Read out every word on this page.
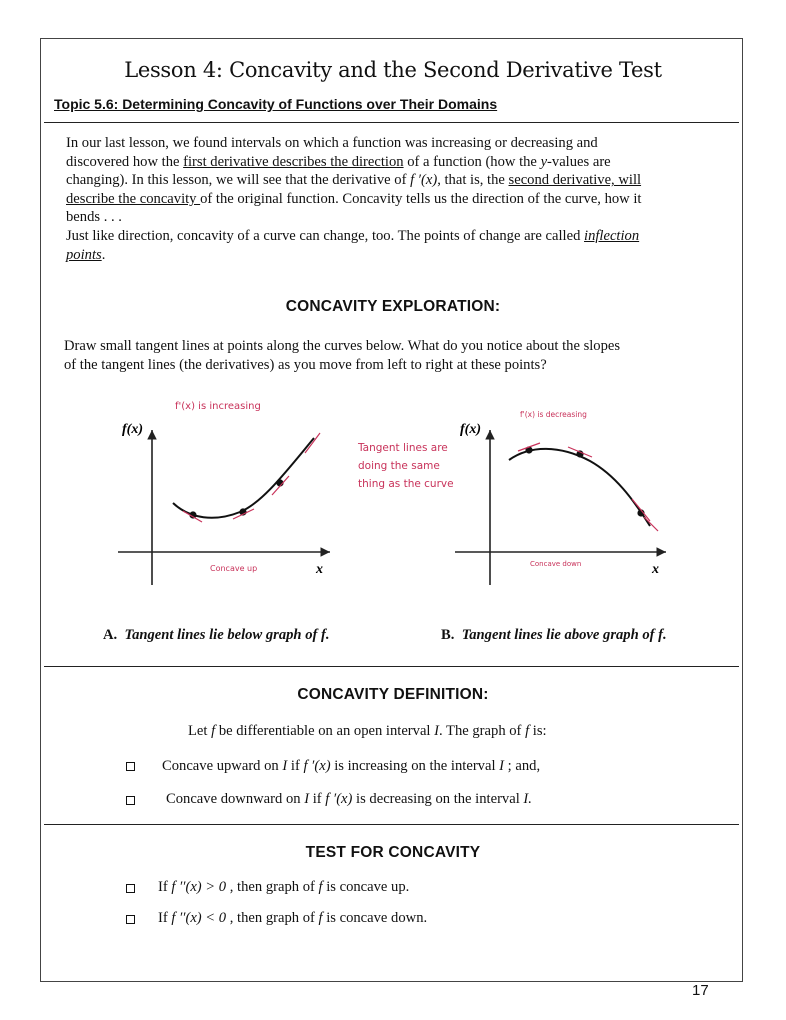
Lesson 4: Concavity and the Second Derivative Test
Topic 5.6: Determining Concavity of Functions over Their Domains
In our last lesson, we found intervals on which a function was increasing or decreasing and
discovered how the first derivative describes the direction of a function (how the y-values are
changing). In this lesson, we will see that the derivative of f ′(x), that is, the second derivative, will
describe the concavity of the original function. Concavity tells us the direction of the curve, how it
bends . . .
Just like direction, concavity of a curve can change, too. The points of change are called inflection
points.
CONCAVITY EXPLORATION:
Draw small tangent lines at points along the curves below. What do you notice about the slopes
of the tangent lines (the derivatives) as you move from left to right at these points?
f(x)
x
f'(x) is increasing
Concave up
Tangent lines are
doing the same
thing as the curve
f(x)
x
f'(x) is decreasing
Concave down
A. Tangent lines lie below graph of f.	B. Tangent lines lie above graph of f.
CONCAVITY DEFINITION:
Let f be differentiable on an open interval I. The graph of f is:
Concave upward on I if f ′(x) is increasing on the interval I ; and,
Concave downward on I if f ′(x) is decreasing on the interval I.
TEST FOR CONCAVITY
If f ′′(x) > 0 , then graph of f is concave up.
If f ′′(x) < 0 , then graph of f is concave down.
17
